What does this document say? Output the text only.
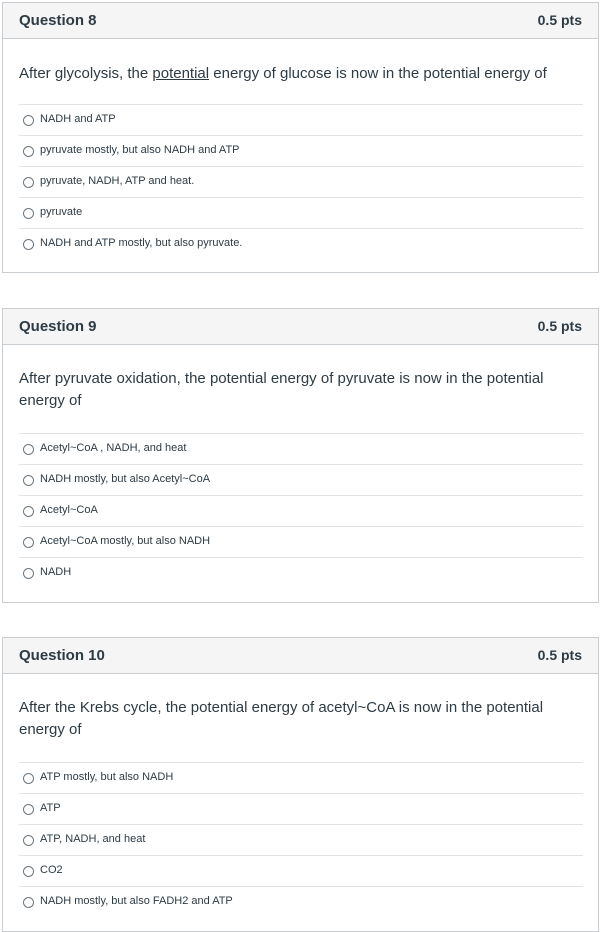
Question 8	0.5 pts
After glycolysis, the potential energy of glucose is now in the potential energy of
NADH and ATP
pyruvate mostly, but also NADH and ATP
pyruvate, NADH, ATP and heat.
pyruvate
NADH and ATP mostly, but also pyruvate.
Question 9	0.5 pts
After pyruvate oxidation, the potential energy of pyruvate is now in the potential energy of
Acetyl~CoA , NADH, and heat
NADH mostly, but also Acetyl~CoA
Acetyl~CoA
Acetyl~CoA mostly, but also NADH
NADH
Question 10	0.5 pts
After the Krebs cycle, the potential energy of acetyl~CoA is now in the potential energy of
ATP mostly, but also NADH
ATP
ATP, NADH, and heat
CO2
NADH mostly, but also FADH2 and ATP
